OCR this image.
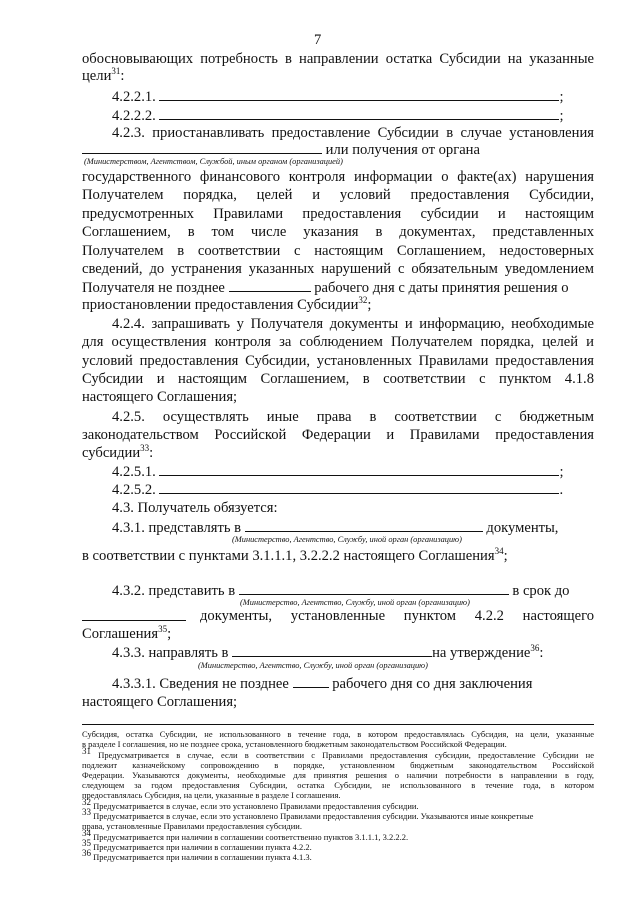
7
обосновывающих потребность в направлении остатка Субсидии на указанные
цели$^{31}$:
4.2.2.1.	;
4.2.2.2.	;
4.2.3. приостанавливать предоставление Субсидии в случае установления
или получения от органа
(Министерством, Агентством, Службой, иным органом (организацией)
государственного финансового контроля информации о факте(ах) нарушения
Получателем порядка, целей и условий предоставления Субсидии,
предусмотренных Правилами предоставления субсидии и настоящим
Соглашением, в том числе указания в документах, представленных
Получателем в соответствии с настоящим Соглашением, недостоверных
сведений, до устранения указанных нарушений с обязательным уведомлением
Получателя не позднее	рабочего дня с даты принятия решения о
приостановлении предоставления Субсидии$^{32}$;
4.2.4. запрашивать у Получателя документы и информацию, необходимые
для осуществления контроля за соблюдением Получателем порядка, целей и
условий предоставления Субсидии, установленных Правилами предоставления
Субсидии и настоящим Соглашением, в соответствии с пунктом 4.1.8
настоящего Соглашения;
4.2.5. осуществлять иные права в соответствии с бюджетным
законодательством Российской Федерации и Правилами предоставления
субсидии$^{33}$:
4.2.5.1.	;
4.2.5.2.	.
4.3. Получатель обязуется:
4.3.1. представлять в	документы,
(Министерство, Агентство, Службу, иной орган (организацию)
в соответствии с пунктами 3.1.1.1, 3.2.2.2 настоящего Соглашения$^{34}$;
4.3.2. представить в	в срок до
(Министерство, Агентство, Службу, иной орган (организацию)
документы, установленные пунктом 4.2.2 настоящего
Соглашения$^{35}$;
4.3.3. направлять в	на утверждение$^{36}$:
(Министерство, Агентство, Службу, иной орган (организацию)
4.3.3.1. Сведения не позднее	рабочего дня со дня заключения
настоящего Соглашения;
Субсидия, остатка Субсидии, не использованного в течение года, в котором предоставлялась Субсидия, на цели, указанные
в разделе I соглашения, но не позднее срока, установленного бюджетным законодательством Российской Федерации.
31 Предусматривается в случае, если в соответствии с Правилами предоставления субсидии, предоставление Субсидии не
подлежит казначейскому сопровождению в порядке, установленном бюджетным законодательством Российской
Федерации. Указываются документы, необходимые для принятия решения о наличии потребности в направлении в году,
следующем за годом предоставления Субсидии, остатка Субсидии, не использованного в течение года, в котором
предоставлялась Субсидия, на цели, указанные в разделе I соглашения.
32 Предусматривается в случае, если это установлено Правилами предоставления субсидии.
33 Предусматривается в случае, если это установлено Правилами предоставления субсидии. Указываются иные конкретные
права, установленные Правилами предоставления субсидии.
34 Предусматривается при наличии в соглашении соответственно пунктов 3.1.1.1, 3.2.2.2.
35 Предусматривается при наличии в соглашении пункта 4.2.2.
36 Предусматривается при наличии в соглашении пункта 4.1.3.
